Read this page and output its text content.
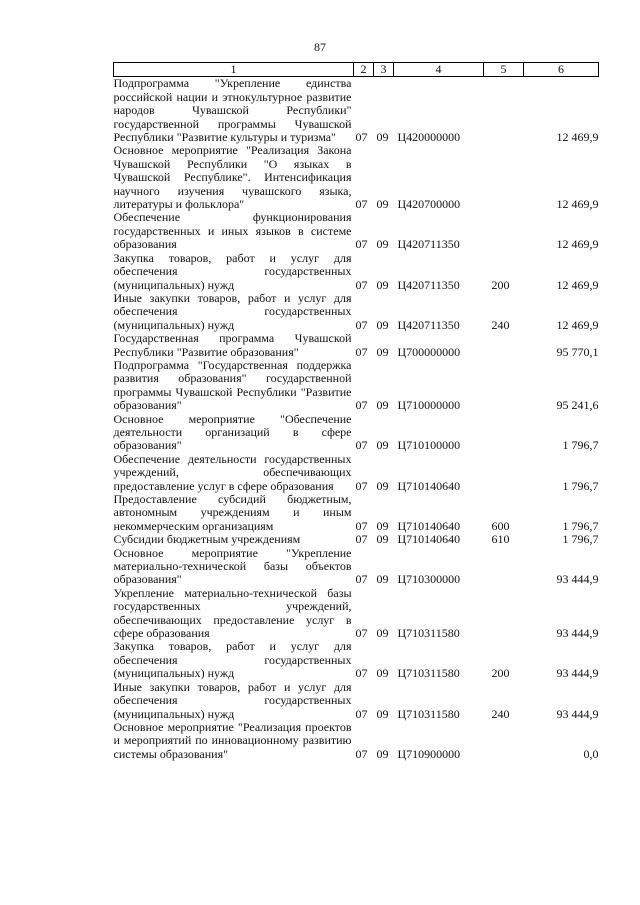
87
1	2	3	4	5	6
Подпрограмма "Укрепление единства российской нации и этнокультурное развитие народов Чувашской Республики" государственной программы Чувашской Республики "Развитие культуры и туризма"	07	09	Ц420000000		12 469,9
Основное мероприятие "Реализация Закона Чувашской Республики "О языках в Чувашской Республике". Интенсификация научного изучения чувашского языка, литературы и фольклора"	07	09	Ц420700000		12 469,9
Обеспечение функционирования государственных и иных языков в системе образования	07	09	Ц420711350		12 469,9
Закупка товаров, работ и услуг для обеспечения государственных (муниципальных) нужд	07	09	Ц420711350	200	12 469,9
Иные закупки товаров, работ и услуг для обеспечения государственных (муниципальных) нужд	07	09	Ц420711350	240	12 469,9
Государственная программа Чувашской Республики "Развитие образования"	07	09	Ц700000000		95 770,1
Подпрограмма "Государственная поддержка развития образования" государственной программы Чувашской Республики "Развитие образования"	07	09	Ц710000000		95 241,6
Основное мероприятие "Обеспечение деятельности организаций в сфере образования"	07	09	Ц710100000		1 796,7
Обеспечение деятельности государственных учреждений, обеспечивающих предоставление услуг в сфере образования	07	09	Ц710140640		1 796,7
Предоставление субсидий бюджетным, автономным учреждениям и иным некоммерческим организациям	07	09	Ц710140640	600	1 796,7
Субсидии бюджетным учреждениям	07	09	Ц710140640	610	1 796,7
Основное мероприятие "Укрепление материально-технической базы объектов образования"	07	09	Ц710300000		93 444,9
Укрепление материально-технической базы государственных учреждений, обеспечивающих предоставление услуг в сфере образования	07	09	Ц710311580		93 444,9
Закупка товаров, работ и услуг для обеспечения государственных (муниципальных) нужд	07	09	Ц710311580	200	93 444,9
Иные закупки товаров, работ и услуг для обеспечения государственных (муниципальных) нужд	07	09	Ц710311580	240	93 444,9
Основное мероприятие "Реализация проектов и мероприятий по инновационному развитию системы образования"	07	09	Ц710900000		0,0
